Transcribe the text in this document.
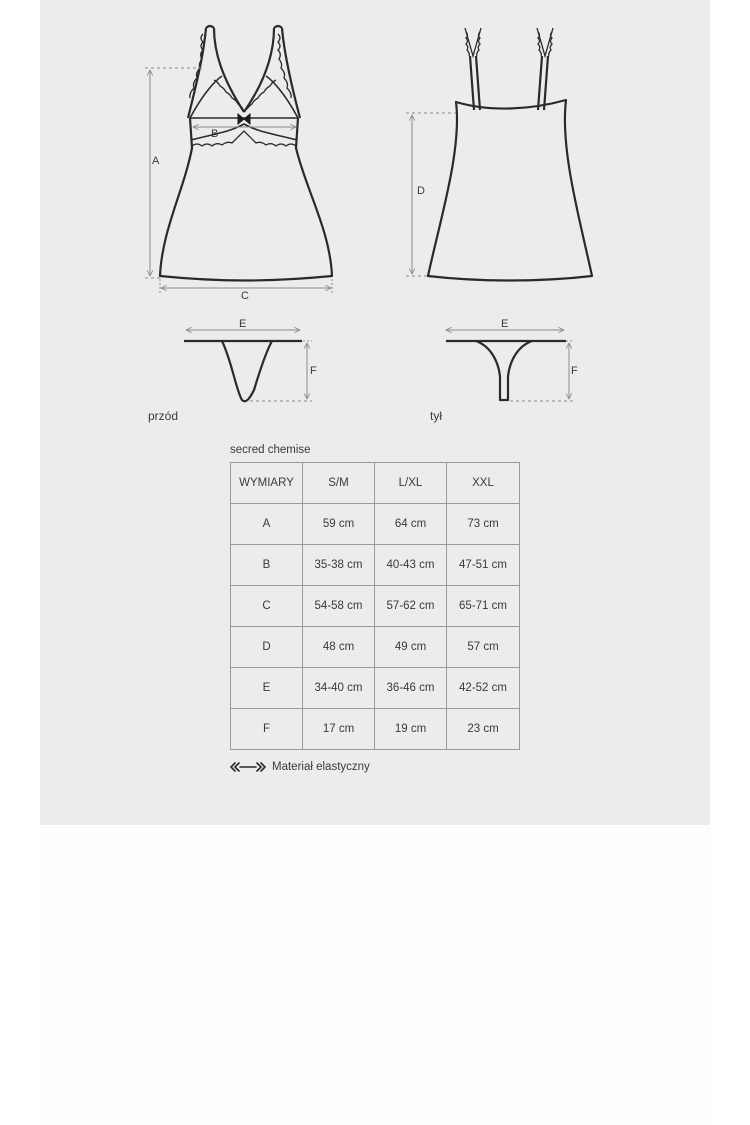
A
B
C
D
E
F
E
F
przód	tył
secred chemise
WYMIARY	S/M	L/XL	XXL
A	59 cm	64 cm	73 cm
B	35-38 cm	40-43 cm	47-51 cm
C	54-58 cm	57-62 cm	65-71 cm
D	48 cm	49 cm	57 cm
E	34-40 cm	36-46 cm	42-52 cm
F	17 cm	19 cm	23 cm
Materiał elastyczny
